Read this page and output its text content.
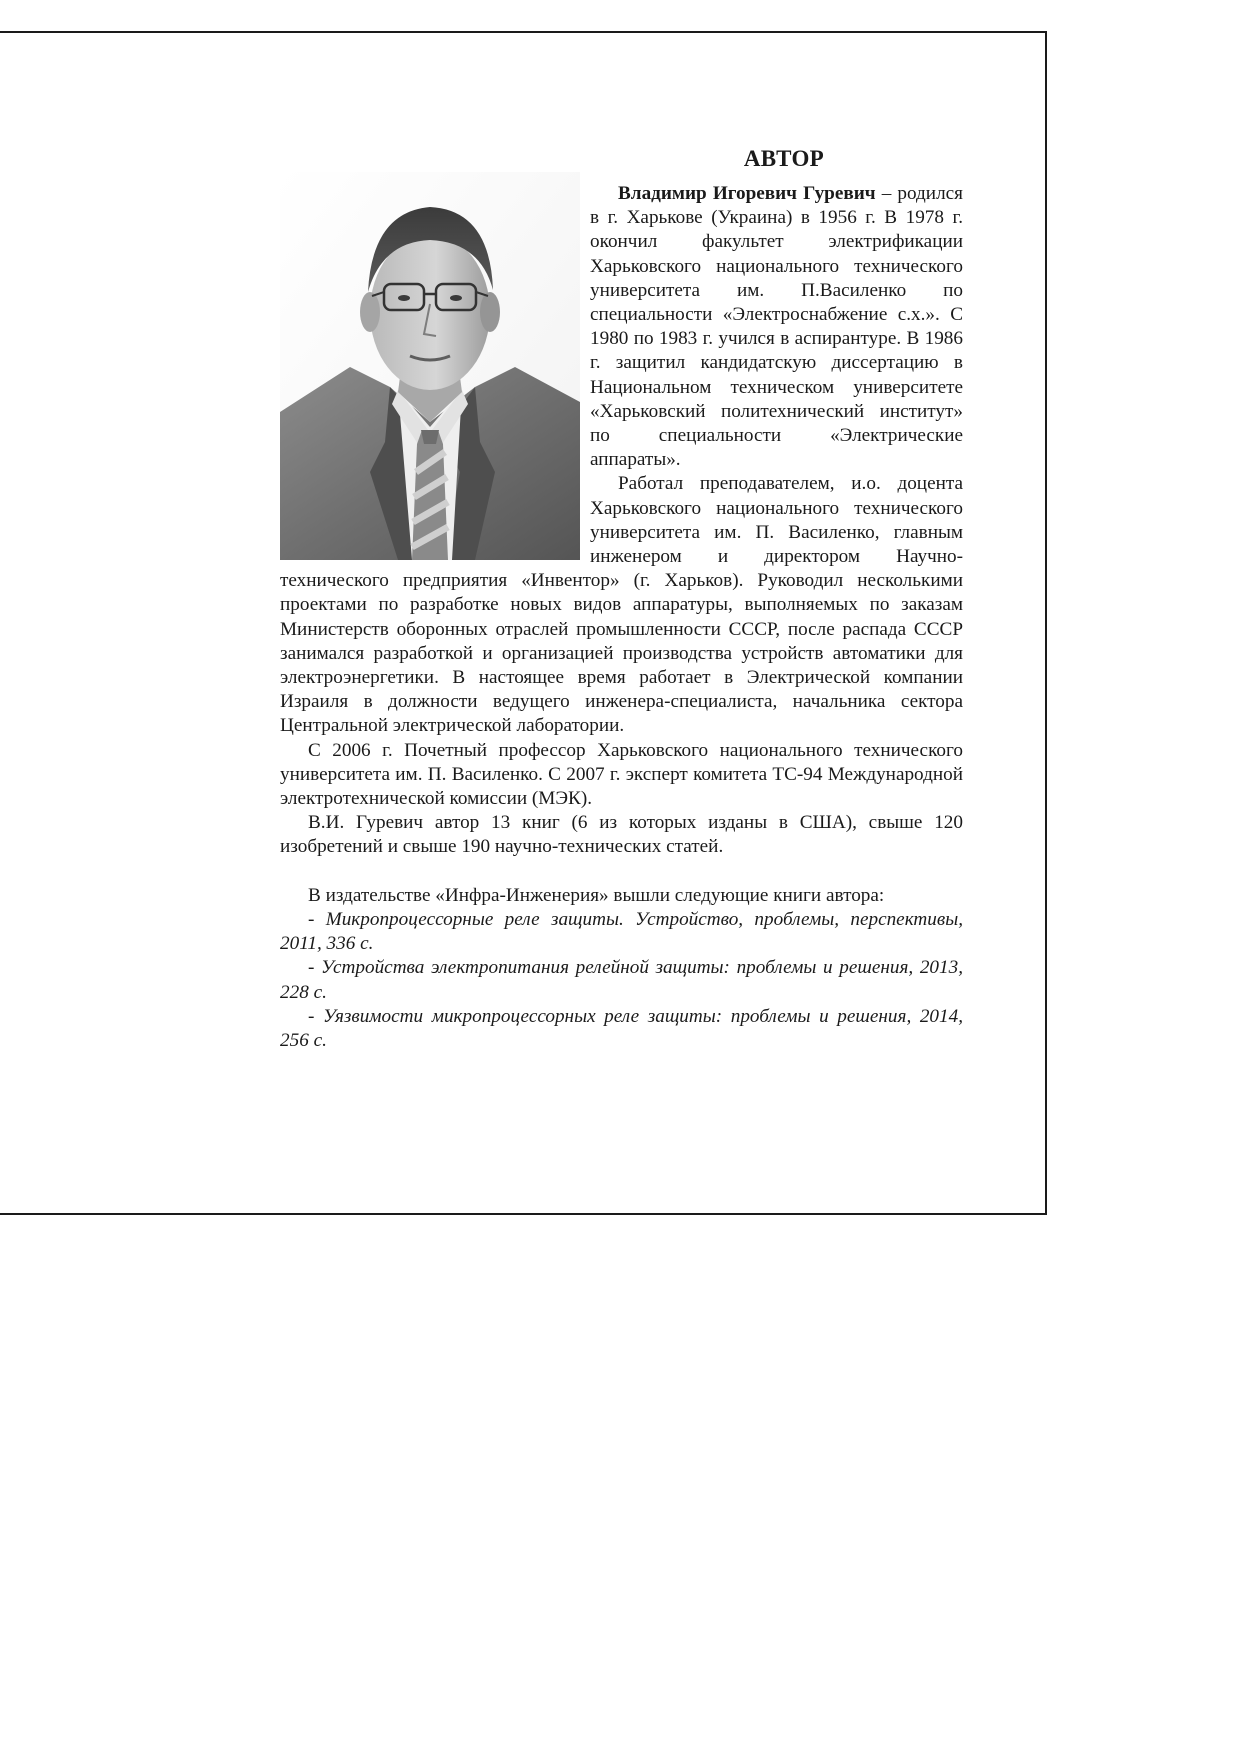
АВТОР

Владимир Игоревич Гуревич – родился в г. Харькове (Украина) в 1956 г. В 1978 г. окончил факультет электрификации Харьковского национального технического университета им. П.Василенко по специальности «Электроснабжение с.х.». С 1980 по 1983 г. учился в аспирантуре. В 1986 г. защитил кандидатскую диссертацию в Национальном техническом университете «Харьковский политехнический институт» по специальности «Электрические аппараты».

Работал преподавателем, и.о. доцента Харьковского национального технического университета им. П. Василенко, главным инженером и директором Научно-технического предприятия «Инвентор» (г. Харьков). Руководил несколькими проектами по разработке новых видов аппаратуры, выполняемых по заказам Министерств оборонных отраслей промышленности СССР, после распада СССР занимался разработкой и организацией производства устройств автоматики для электроэнергетики. В настоящее время работает в Электрической компании Израиля в должности ведущего инженера-специалиста, начальника сектора Центральной электрической лаборатории.

С 2006 г. Почетный профессор Харьковского национального технического университета им. П. Василенко. С 2007 г. эксперт комитета ТС-94 Международной электротехнической комиссии (МЭК).

В.И. Гуревич автор 13 книг (6 из которых изданы в США), свыше 120 изобретений и свыше 190 научно-технических статей.

В издательстве «Инфра-Инженерия» вышли следующие книги автора:

- Микропроцессорные реле защиты. Устройство, проблемы, перспективы, 2011, 336 с.

- Устройства электропитания релейной защиты: проблемы и решения, 2013, 228 с.

- Уязвимости микропроцессорных реле защиты: проблемы и решения, 2014, 256 с.
